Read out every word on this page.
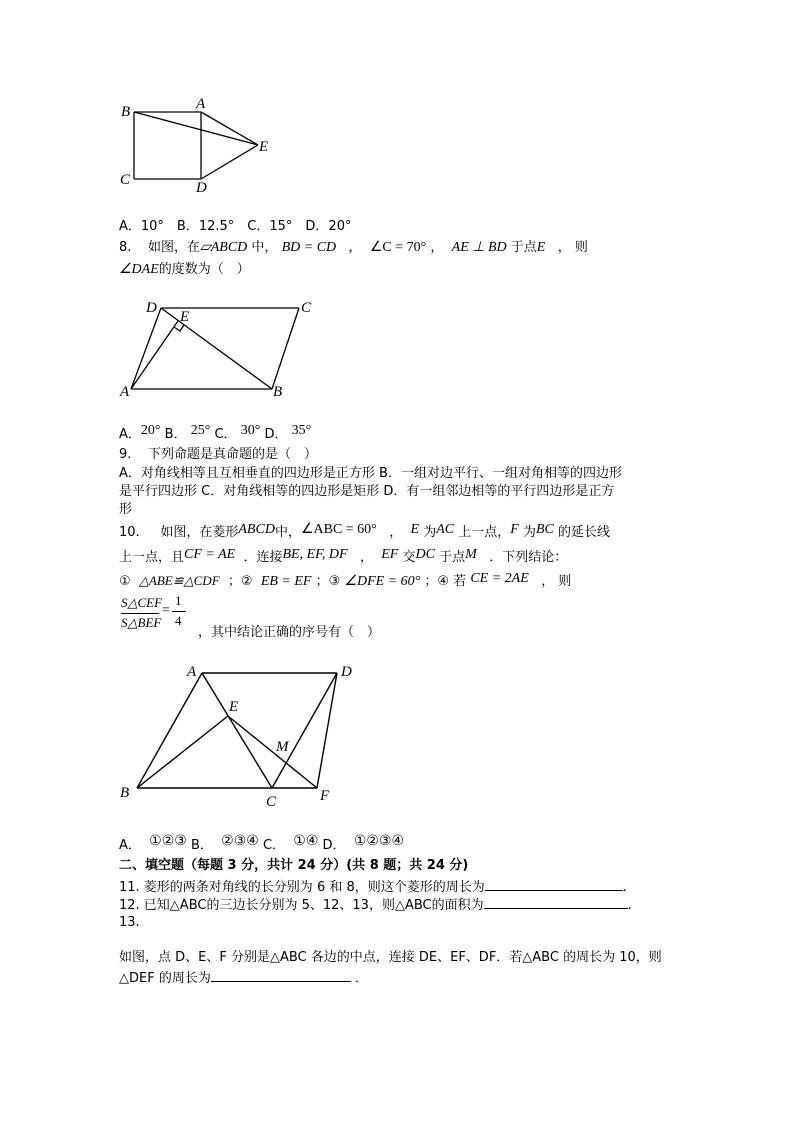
B	A
E
C	D
A．10°　B．12.5°　C．15°　D．20°
8. 如图，在▱ABCD 中， BD = CD ， ∠C = 70° ， AE ⊥ BD 于点E ， 则
∠DAE的度数为（　）
D	C
E
A	B
A．20° B． 25° C． 30° D． 35°
9. 下列命题是真命题的是（　）
A．对角线相等且互相垂直的四边形是正方形 B．一组对边平行、一组对角相等的四边形
是平行四边形 C．对角线相等的四边形是矩形 D．有一组邻边相等的平行四边形是正方
形
10. 如图，在菱形ABCD中，∠ABC = 60° ， E 为AC 上一点，F 为BC 的延长线
上一点，且CF = AE ．连接BE, EF, DF ， EF 交DC 于点M ．下列结论：
① △ABE≌△CDF ；② EB = EF ；③ ∠DFE = 60° ；④ 若 CE = 2AE ， 则
S△CEF
S△BEF
=
1
4
，其中结论正确的序号有（　）
A	D
E
M
B
C	F
A． ①②③ B． ②③④ C． ①④ D． ①②③④
二、填空题（每题 3 分，共计 24 分）(共 8 题；共 24 分)
11. 菱形的两条对角线的长分别为 6 和 8，则这个菱形的周长为	.
12. 已知△ABC的三边长分别为 5、12、13，则△ABC的面积为	.
13.
如图，点 D、E、F 分别是△ABC 各边的中点，连接 DE、EF、DF．若△ABC 的周长为 10，则
△DEF 的周长为	．
